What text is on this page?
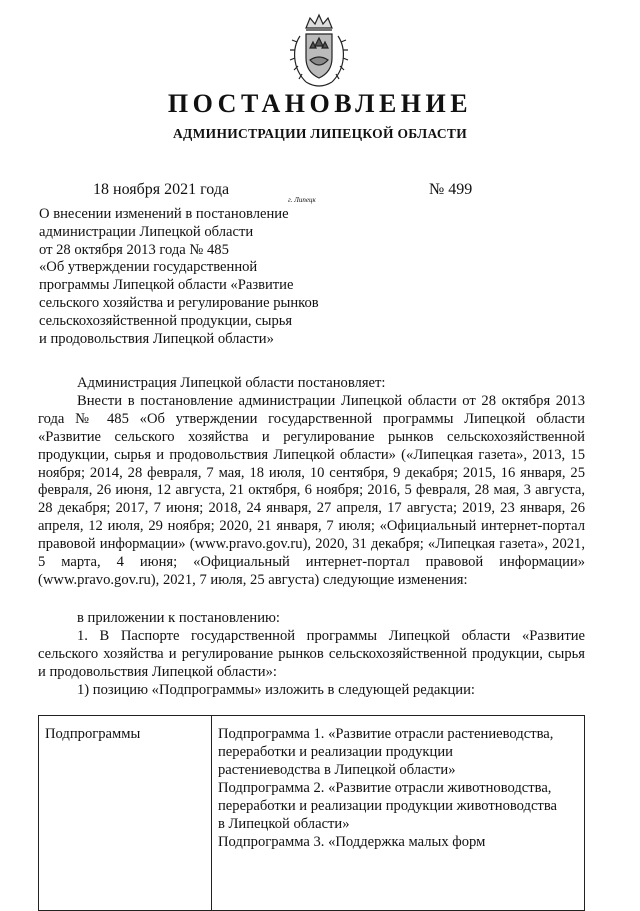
ПОСТАНОВЛЕНИЕ
АДМИНИСТРАЦИИ ЛИПЕЦКОЙ ОБЛАСТИ
18 ноября 2021 года
г. Липецк
№ 499
О внесении изменений в постановление
администрации Липецкой области
от 28 октября 2013 года № 485
«Об утверждении государственной
программы Липецкой области «Развитие
сельского хозяйства и регулирование рынков
сельскохозяйственной продукции, сырья
и продовольствия Липецкой области»

Администрация Липецкой области постановляет:

Внести в постановление администрации Липецкой области от 28 октября 2013 года № 485 «Об утверждении государственной программы Липецкой области «Развитие сельского хозяйства и регулирование рынков сельскохозяйственной продукции, сырья и продовольствия Липецкой области» («Липецкая газета», 2013, 15 ноября; 2014, 28 февраля, 7 мая, 18 июля, 10 сентября, 9 декабря; 2015, 16 января, 25 февраля, 26 июня, 12 августа, 21 октября, 6 ноября; 2016, 5 февраля, 28 мая, 3 августа, 28 декабря; 2017, 7 июня; 2018, 24 января, 27 апреля, 17 августа; 2019, 23 января, 26 апреля, 12 июля, 29 ноября; 2020, 21 января, 7 июля; «Официальный интернет-портал правовой информации» (www.pravo.gov.ru), 2020, 31 декабря; «Липецкая газета», 2021, 5 марта, 4 июня; «Официальный интернет-портал правовой информации» (www.pravo.gov.ru), 2021, 7 июля, 25 августа) следующие изменения:

в приложении к постановлению:

1. В Паспорте государственной программы Липецкой области «Развитие сельского хозяйства и регулирование рынков сельскохозяйственной продукции, сырья и продовольствия Липецкой области»:

1) позицию «Подпрограммы» изложить в следующей редакции:

Подпрограммы	Подпрограмма 1. «Развитие отрасли растениеводства,
переработки и реализации продукции
растениеводства в Липецкой области»
Подпрограмма 2. «Развитие отрасли животноводства,
переработки и реализации продукции животноводства
в Липецкой области»
Подпрограмма 3. «Поддержка малых форм
